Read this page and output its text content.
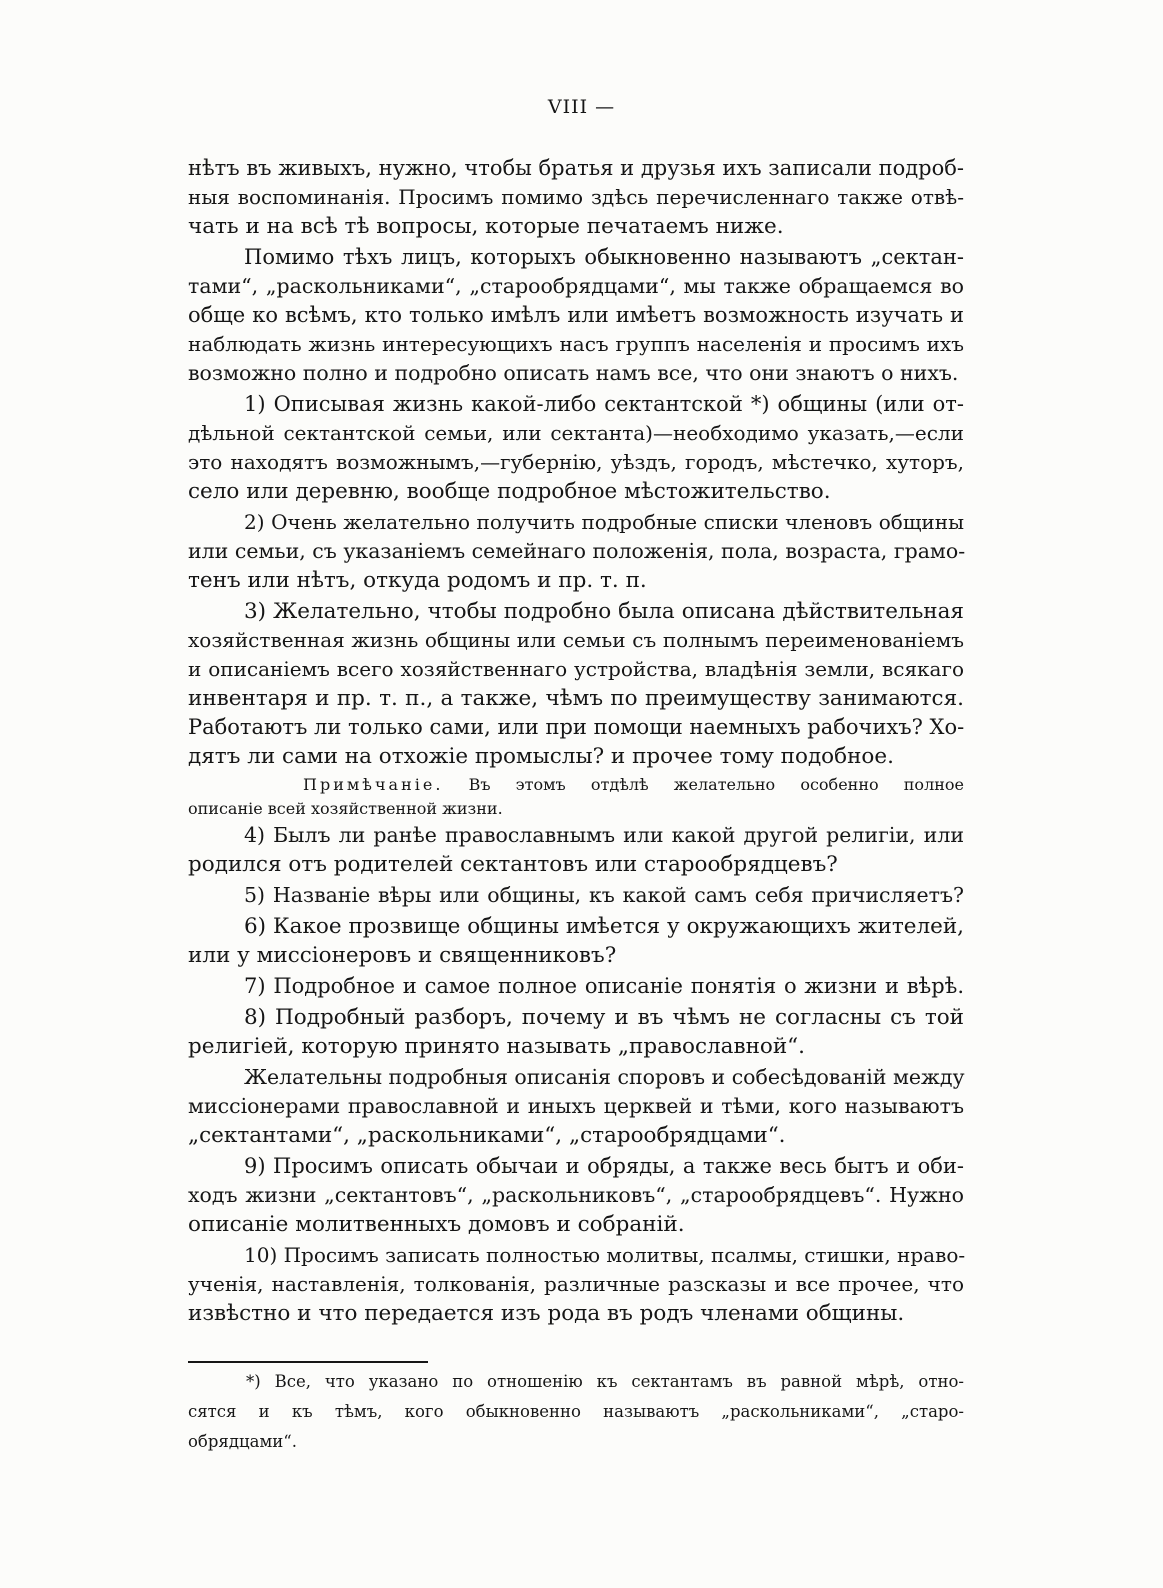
VIII —
нѣтъ въ живыхъ, нужно, чтобы братья и друзья ихъ записали подроб-
ныя воспоминанія. Просимъ помимо здѣсь перечисленнаго также отвѣ-
чать и на всѣ тѣ вопросы, которые печатаемъ ниже.
Помимо тѣхъ лицъ, которыхъ обыкновенно называютъ „сектан-
тами“, „раскольниками“, „старообрядцами“, мы также обращаемся во
обще ко всѣмъ, кто только имѣлъ или имѣетъ возможность изучать и
наблюдать жизнь интересующихъ насъ группъ населенія и просимъ ихъ
возможно полно и подробно описать намъ все, что они знаютъ о нихъ.
1) Описывая жизнь какой-либо сектантской *) общины (или от-
дѣльной сектантской семьи, или сектанта)—необходимо указать,—если
это находятъ возможнымъ,—губернію, уѣздъ, городъ, мѣстечко, хуторъ,
село или деревню, вообще подробное мѣстожительство.
2) Очень желательно получить подробные списки членовъ общины
или семьи, съ указаніемъ семейнаго положенія, пола, возраста, грамо-
тенъ или нѣтъ, откуда родомъ и пр. т. п.
3) Желательно, чтобы подробно была описана дѣйствительная
хозяйственная жизнь общины или семьи съ полнымъ переименованіемъ
и описаніемъ всего хозяйственнаго устройства, владѣнія земли, всякаго
инвентаря и пр. т. п., а также, чѣмъ по преимуществу занимаются.
Работаютъ ли только сами, или при помощи наемныхъ рабочихъ? Хо-
дятъ ли сами на отхожіе промыслы? и прочее тому подобное.
Примѣчаніе. Въ этомъ отдѣлѣ желательно особенно полное
описаніе всей хозяйственной жизни.
4) Былъ ли ранѣе православнымъ или какой другой религіи, или
родился отъ родителей сектантовъ или старообрядцевъ?
5) Названіе вѣры или общины, къ какой самъ себя причисляетъ?
6) Какое прозвище общины имѣется у окружающихъ жителей,
или у миссіонеровъ и священниковъ?
7) Подробное и самое полное описаніе понятія о жизни и вѣрѣ.
8) Подробный разборъ, почему и въ чѣмъ не согласны съ той
религіей, которую принято называть „православной“.
Желательны подробныя описанія споровъ и собесѣдованій между
миссіонерами православной и иныхъ церквей и тѣми, кого называютъ
„сектантами“, „раскольниками“, „старообрядцами“.
9) Просимъ описать обычаи и обряды, а также весь бытъ и оби-
ходъ жизни „сектантовъ“, „раскольниковъ“, „старообрядцевъ“. Нужно
описаніе молитвенныхъ домовъ и собраній.
10) Просимъ записать полностью молитвы, псалмы, стишки, нраво-
ученія, наставленія, толкованія, различные разсказы и все прочее, что
извѣстно и что передается изъ рода въ родъ членами общины.
*) Все, что указано по отношенію къ сектантамъ въ равной мѣрѣ, отно-
сятся и къ тѣмъ, кого обыкновенно называютъ „раскольниками“, „старо-
обрядцами“.
